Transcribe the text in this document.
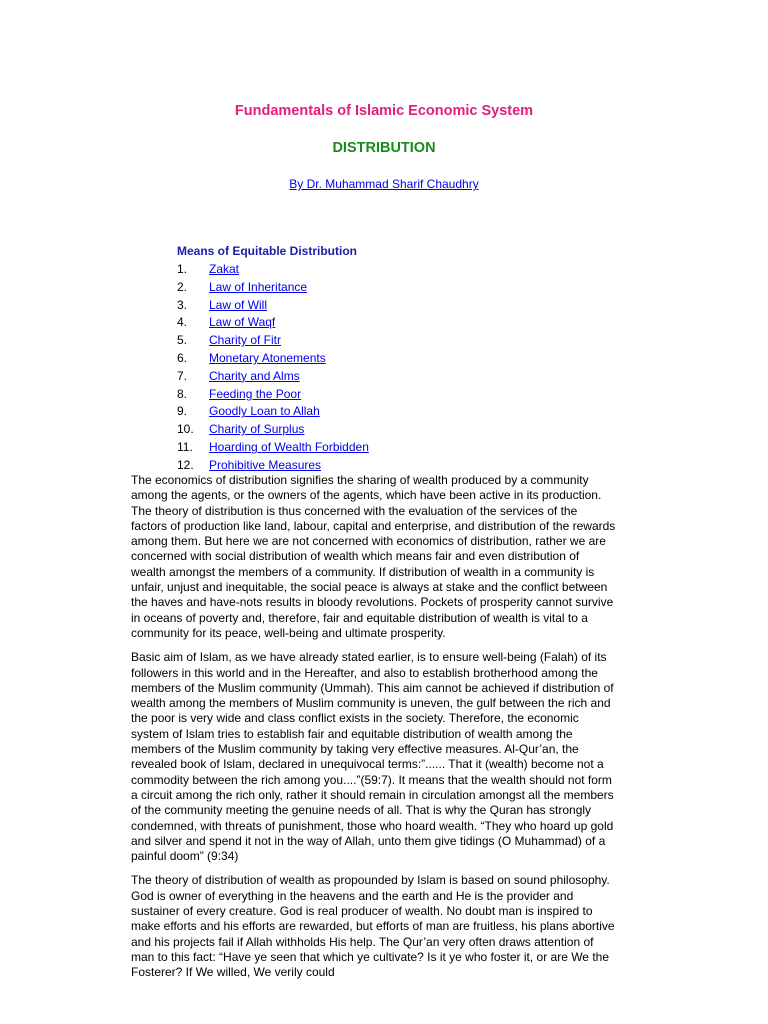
Fundamentals of Islamic Economic System
DISTRIBUTION
By Dr. Muhammad Sharif Chaudhry
Means of Equitable Distribution
1. Zakat
2. Law of Inheritance
3. Law of Will
4. Law of Waqf
5. Charity of Fitr
6. Monetary Atonements
7. Charity and Alms
8. Feeding the Poor
9. Goodly Loan to Allah
10. Charity of Surplus
11. Hoarding of Wealth Forbidden
12. Prohibitive Measures

The economics of distribution signifies the sharing of wealth produced by a community among the agents, or the owners of the agents, which have been active in its production. The theory of distribution is thus concerned with the evaluation of the services of the factors of production like land, labour, capital and enterprise, and distribution of the rewards among them. But here we are not concerned with economics of distribution, rather we are concerned with social distribution of wealth which means fair and even distribution of wealth amongst the members of a community. If distribution of wealth in a community is unfair, unjust and inequitable, the social peace is always at stake and the conflict between the haves and have-nots results in bloody revolutions. Pockets of prosperity cannot survive in oceans of poverty and, therefore, fair and equitable distribution of wealth is vital to a community for its peace, well-being and ultimate prosperity.

Basic aim of Islam, as we have already stated earlier, is to ensure well-being (Falah) of its followers in this world and in the Hereafter, and also to establish brotherhood among the members of the Muslim community (Ummah). This aim cannot be achieved if distribution of wealth among the members of Muslim community is uneven, the gulf between the rich and the poor is very wide and class conflict exists in the society. Therefore, the economic system of Islam tries to establish fair and equitable distribution of wealth among the members of the Muslim community by taking very effective measures. Al-Qur’an, the revealed book of Islam, declared in unequivocal terms:”...... That it (wealth) become not a commodity between the rich among you....”(59:7). It means that the wealth should not form a circuit among the rich only, rather it should remain in circulation amongst all the members of the community meeting the genuine needs of all. That is why the Quran has strongly condemned, with threats of punishment, those who hoard wealth. “They who hoard up gold and silver and spend it not in the way of Allah, unto them give tidings (O Muhammad) of a painful doom” (9:34)

The theory of distribution of wealth as propounded by Islam is based on sound philosophy. God is owner of everything in the heavens and the earth and He is the provider and sustainer of every creature. God is real producer of wealth. No doubt man is inspired to make efforts and his efforts are rewarded, but efforts of man are fruitless, his plans abortive and his projects fail if Allah withholds His help. The Qur’an very often draws attention of man to this fact: “Have ye seen that which ye cultivate? Is it ye who foster it, or are We the Fosterer? If We willed, We verily could
